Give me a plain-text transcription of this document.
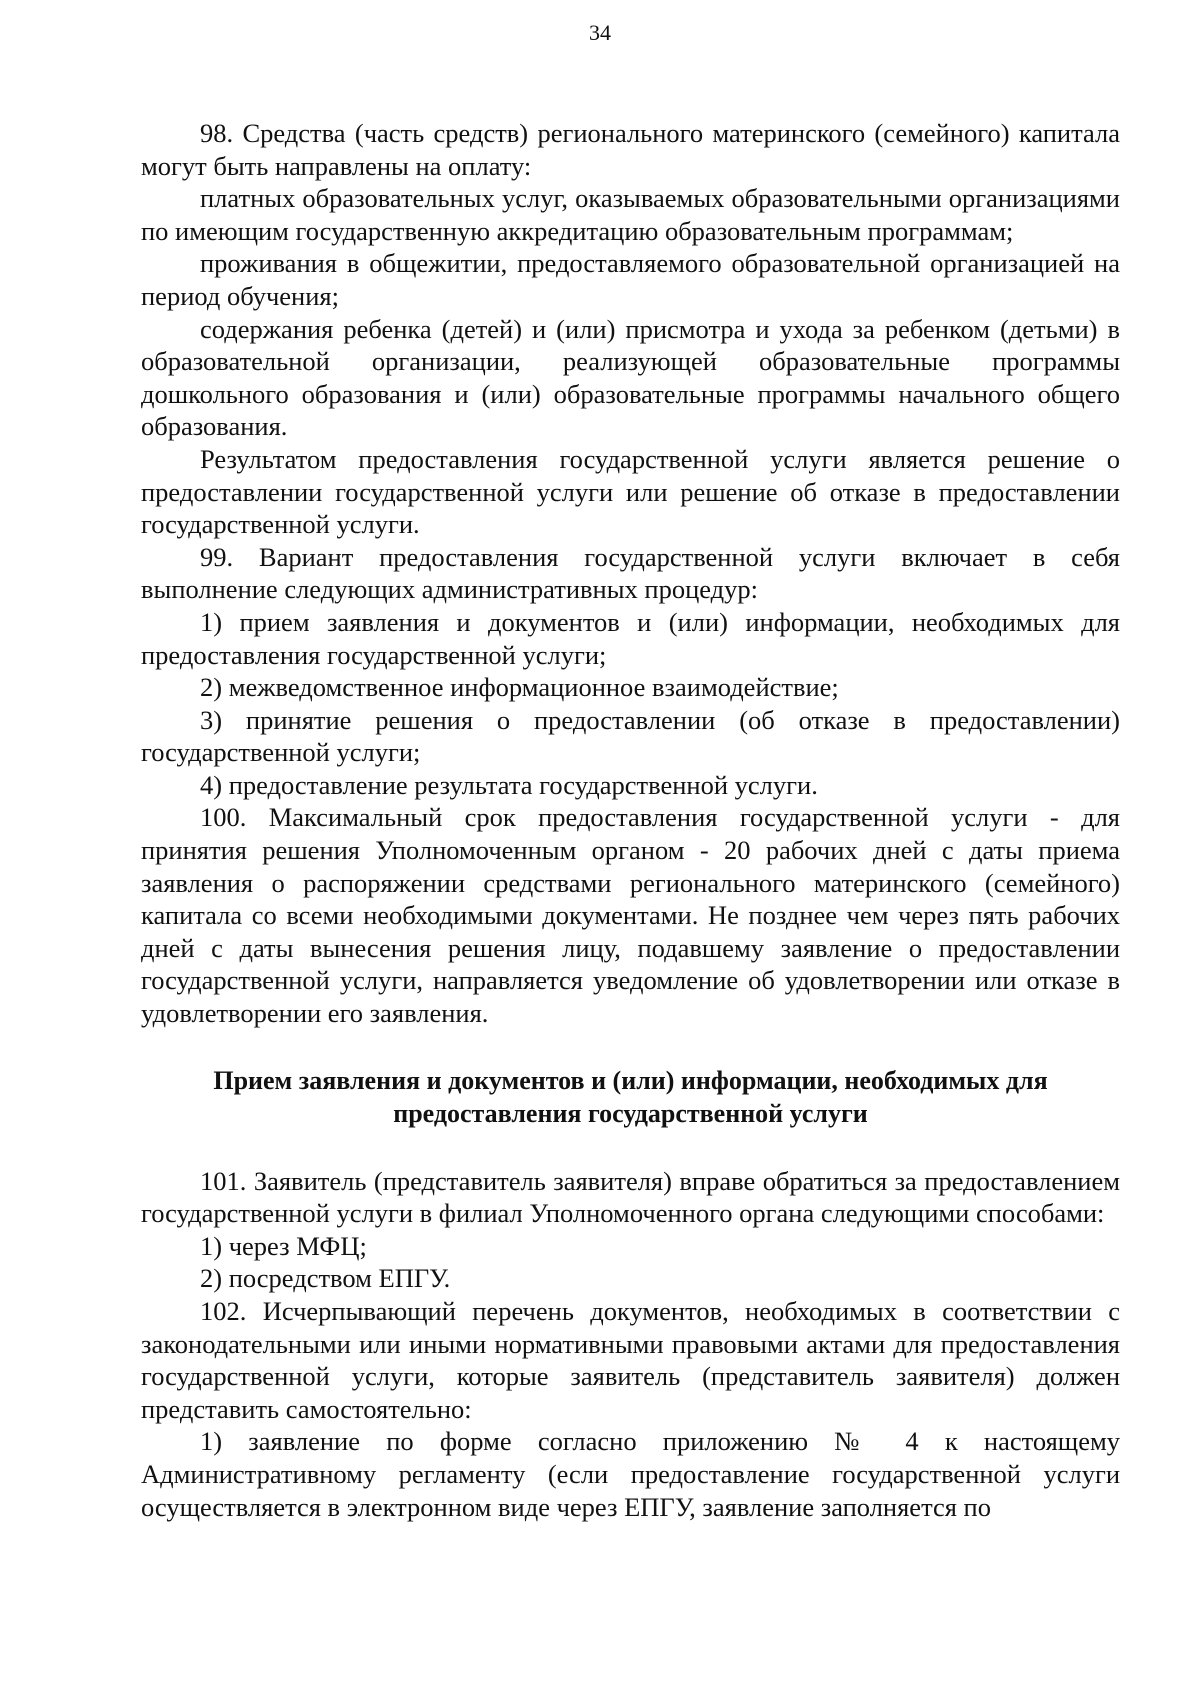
34

98. Средства (часть средств) регионального материнского (семейного) капитала могут быть направлены на оплату:

платных образовательных услуг, оказываемых образовательными организациями по имеющим государственную аккредитацию образовательным программам;

проживания в общежитии, предоставляемого образовательной организацией на период обучения;

содержания ребенка (детей) и (или) присмотра и ухода за ребенком (детьми) в образовательной организации, реализующей образовательные программы дошкольного образования и (или) образовательные программы начального общего образования.

Результатом предоставления государственной услуги является решение о предоставлении государственной услуги или решение об отказе в предоставлении государственной услуги.

99. Вариант предоставления государственной услуги включает в себя выполнение следующих административных процедур:

1) прием заявления и документов и (или) информации, необходимых для предоставления государственной услуги;

2) межведомственное информационное взаимодействие;

3) принятие решения о предоставлении (об отказе в предоставлении) государственной услуги;

4) предоставление результата государственной услуги.

100. Максимальный срок предоставления государственной услуги - для принятия решения Уполномоченным органом - 20 рабочих дней с даты приема заявления о распоряжении средствами регионального материнского (семейного) капитала со всеми необходимыми документами. Не позднее чем через пять рабочих дней с даты вынесения решения лицу, подавшему заявление о предоставлении государственной услуги, направляется уведомление об удовлетворении или отказе в удовлетворении его заявления.

Прием заявления и документов и (или) информации, необходимых для
предоставления государственной услуги

101. Заявитель (представитель заявителя) вправе обратиться за предоставлением государственной услуги в филиал Уполномоченного органа следующими способами:

1) через МФЦ;

2) посредством ЕПГУ.

102. Исчерпывающий перечень документов, необходимых в соответствии с законодательными или иными нормативными правовыми актами для предоставления государственной услуги, которые заявитель (представитель заявителя) должен представить самостоятельно:

1) заявление по форме согласно приложению № 4 к настоящему Административному регламенту (если предоставление государственной услуги осуществляется в электронном виде через ЕПГУ, заявление заполняется по
